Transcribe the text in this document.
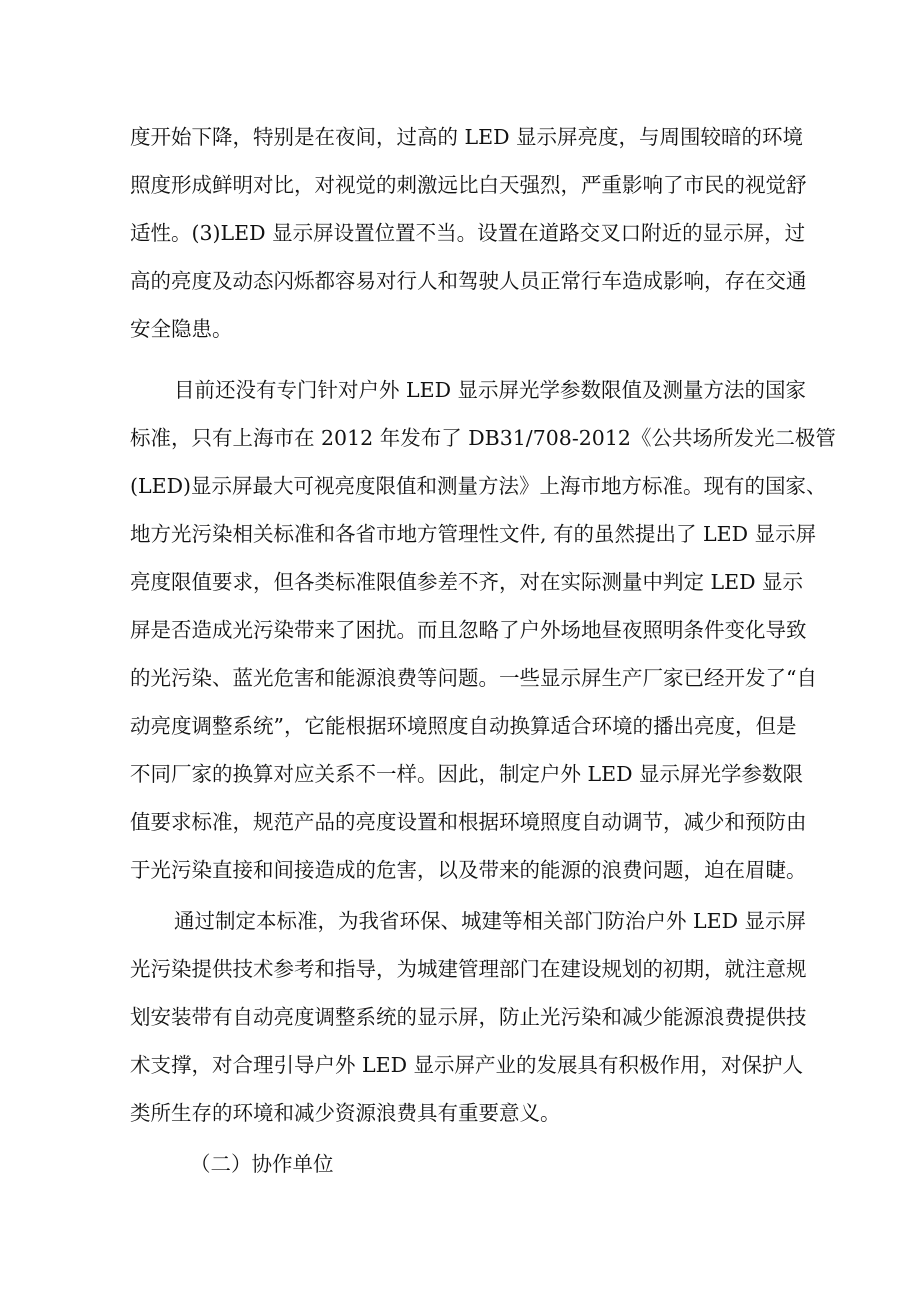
度开始下降，特别是在夜间，过高的 LED 显示屏亮度，与周围较暗的环境
照度形成鲜明对比，对视觉的刺激远比白天强烈，严重影响了市民的视觉舒
适性。(3)LED 显示屏设置位置不当。设置在道路交叉口附近的显示屏，过
高的亮度及动态闪烁都容易对行人和驾驶人员正常行车造成影响，存在交通
安全隐患。
目前还没有专门针对户外 LED 显示屏光学参数限值及测量方法的国家
标准，只有上海市在 2012 年发布了 DB31/708-2012《公共场所发光二极管
(LED)显示屏最大可视亮度限值和测量方法》上海市地方标准。现有的国家、
地方光污染相关标准和各省市地方管理性文件, 有的虽然提出了 LED 显示屏
亮度限值要求，但各类标准限值参差不齐，对在实际测量中判定 LED 显示
屏是否造成光污染带来了困扰。而且忽略了户外场地昼夜照明条件变化导致
的光污染、蓝光危害和能源浪费等问题。一些显示屏生产厂家已经开发了“自
动亮度调整系统”，它能根据环境照度自动换算适合环境的播出亮度，但是
不同厂家的换算对应关系不一样。因此，制定户外 LED 显示屏光学参数限
值要求标准，规范产品的亮度设置和根据环境照度自动调节，减少和预防由
于光污染直接和间接造成的危害，以及带来的能源的浪费问题，迫在眉睫。
通过制定本标准，为我省环保、城建等相关部门防治户外 LED 显示屏
光污染提供技术参考和指导，为城建管理部门在建设规划的初期，就注意规
划安装带有自动亮度调整系统的显示屏，防止光污染和减少能源浪费提供技
术支撑，对合理引导户外 LED 显示屏产业的发展具有积极作用，对保护人
类所生存的环境和减少资源浪费具有重要意义。
（二）协作单位
